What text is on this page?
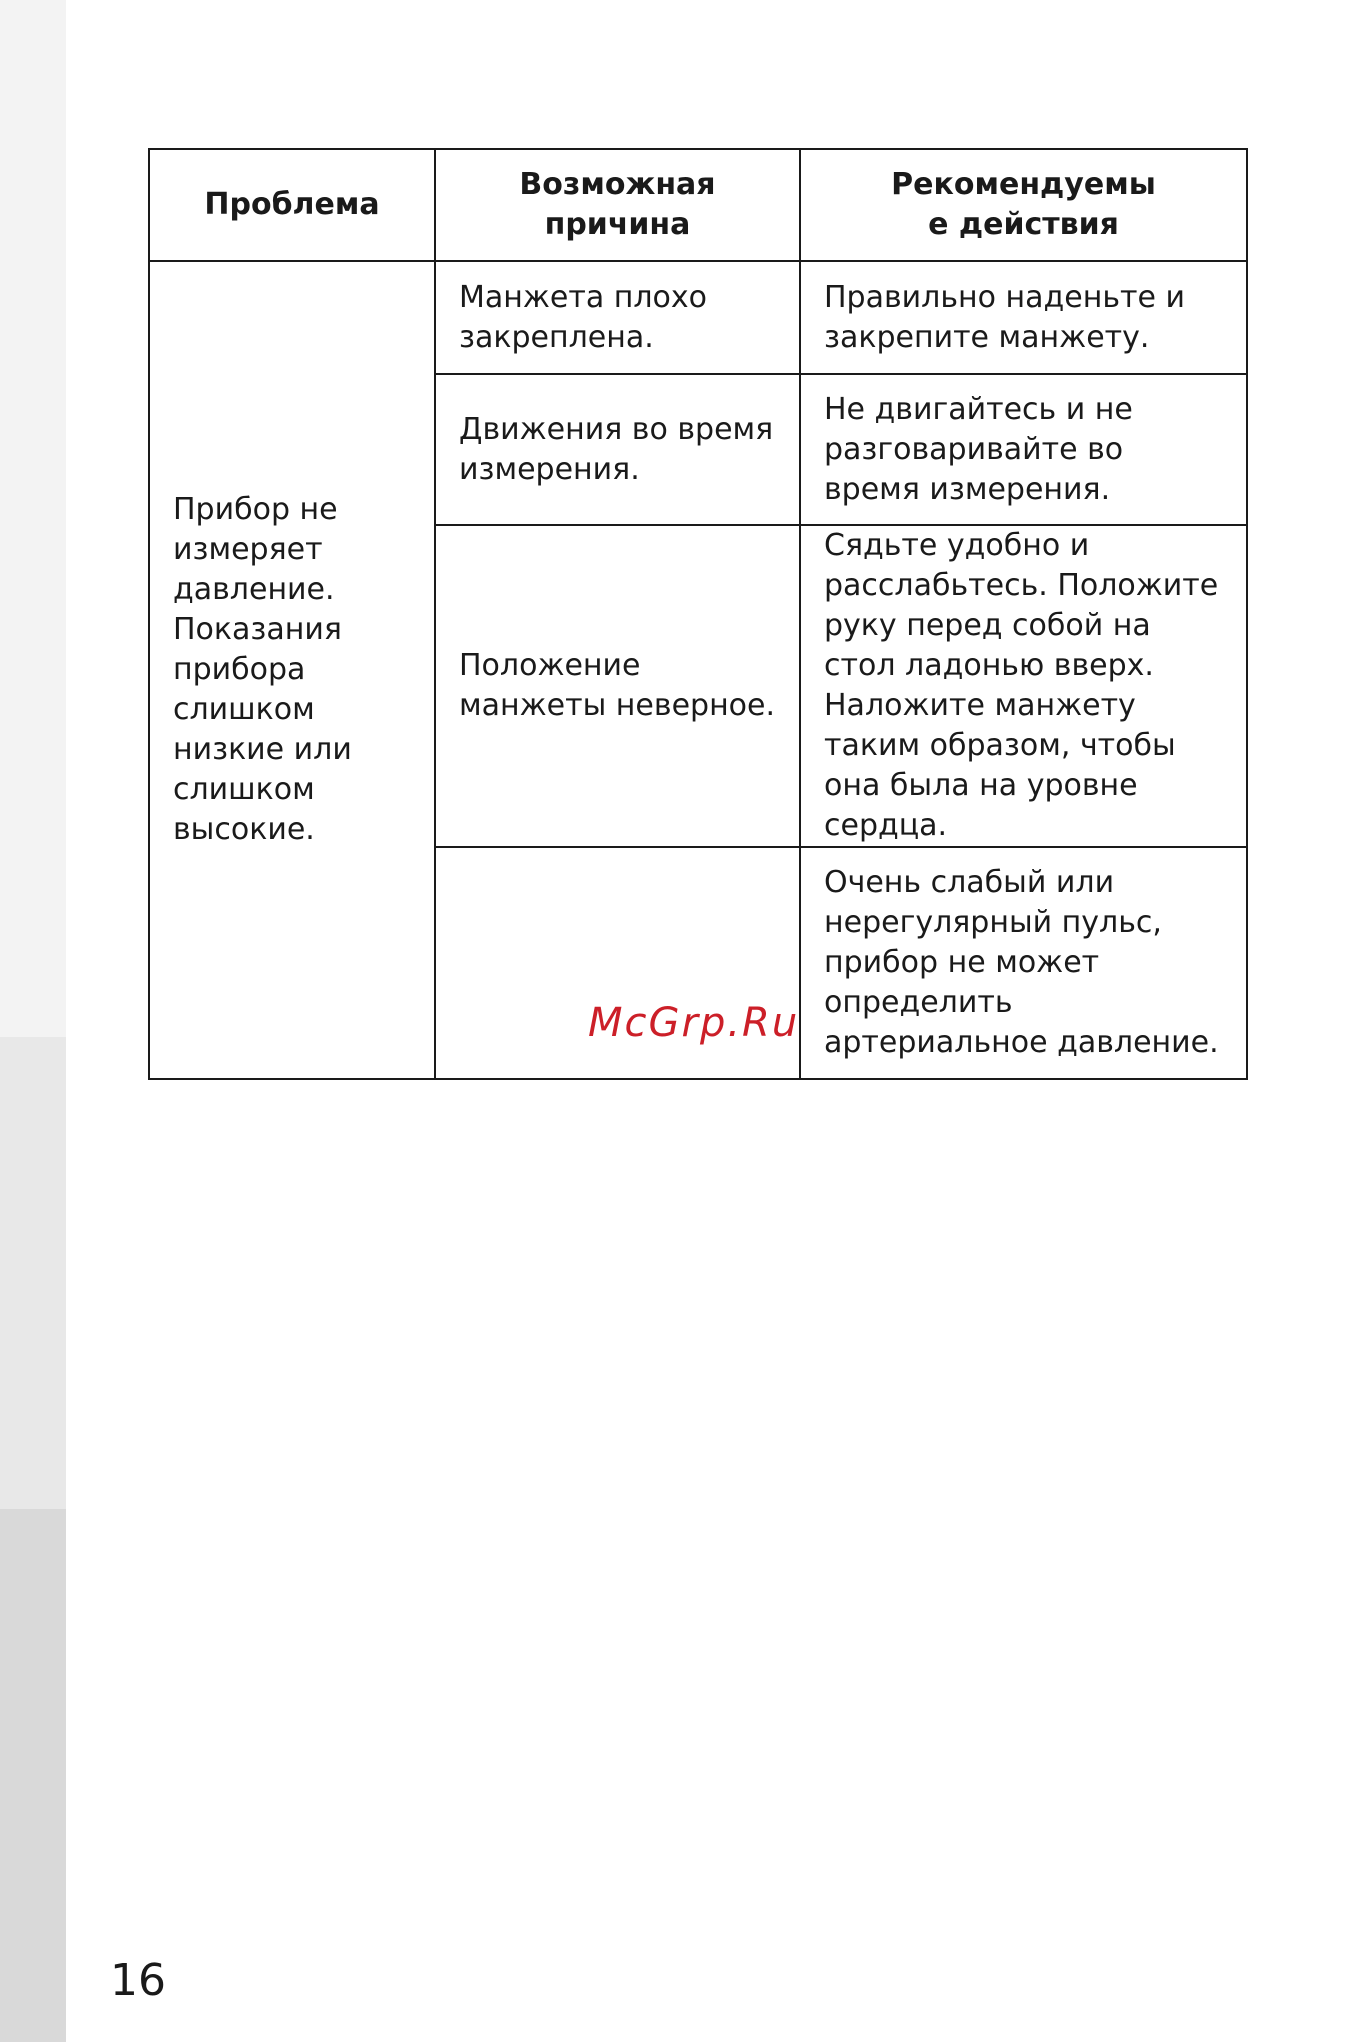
Проблема	Возможная причина	Рекомендуемые действия
Прибор не измеряет давление. Показания прибора слишком низкие или слишком высокие.	Манжета плохо закреплена.	Правильно наденьте и закрепите манжету.
	Движения во время измерения.	Не двигайтесь и не разговаривайте во время измерения.
	Положение манжеты неверное.	Сядьте удобно и расслабьтесь. Положите руку перед собой на стол ладонью вверх. Наложите манжету таким образом, чтобы она была на уровне сердца.
		Очень слабый или нерегулярный пульс, прибор не может определить артериальное давление.
McGrp.Ru
16
